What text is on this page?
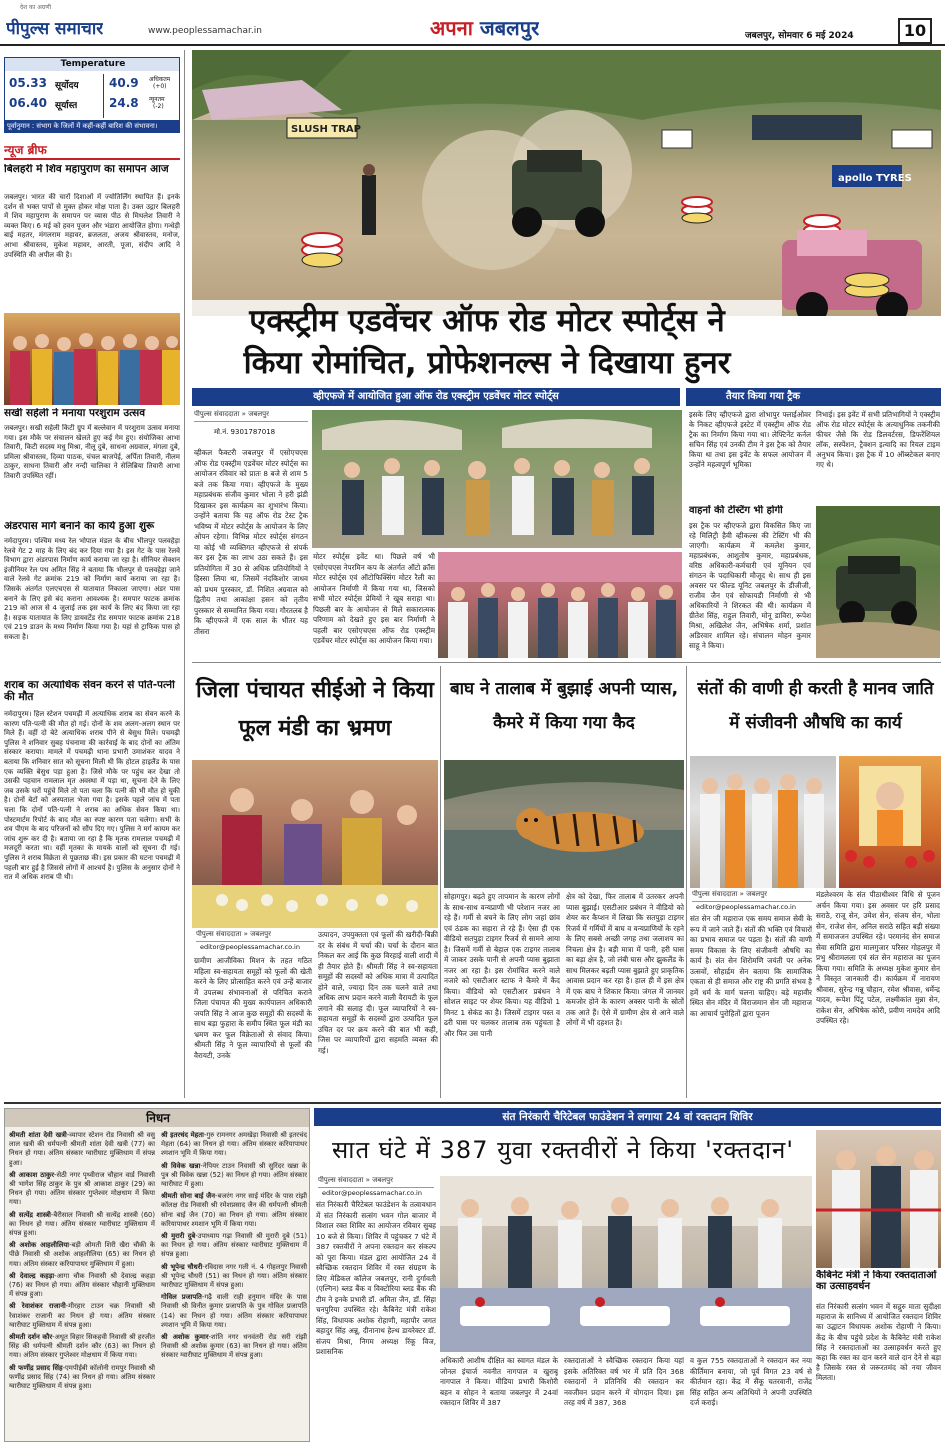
देश का अग्रणी
पीपुल्स समाचार	www.peoplessamachar.in	अपना जबलपुर	जबलपुर, सोमवार 6 मई 2024	10
Temperature
05.33 सूर्योदय
06.40 सूर्यास्त
40.9 अधिकतम
(+0)
24.8 न्यूनतम
(-2)
पूर्वानुमान : संभाग के जिलों में कहीं-कहीं बारिश की संभावना।
न्यूज ब्रीफ
बिलहरी में शिव महापुराण का समापन आज
जबलपुर। भारत की चारों दिशाओं में ज्योतिर्लिंग स्थापित हैं। इनके दर्शन से भक्त पापों से मुक्त होकर मोक्ष पाता है। उक्त उद्गार बिलहरी में शिव महापुराण के समापन पर व्यास पीठ से मिथलेश तिवारी ने व्यक्त किए। 6 मई को हवन पूजन और भंडारा आयोजित होगा। गन्धेड़ी बाई महतर, मंगलराम महावर, ब्रजलता, अजय श्रीवास्तव, मनोज, आभा श्रीवास्तव, मुकेश महावर, आरती, पूजा, संदीप आदि ने उपस्थिति की अपील की है।
सखी सहेली ने मनाया परशुराम उत्सव
जबलपुर। सखी सहेली किटी ग्रुप में बल्लेवान में परशुराम उत्सव मनाया गया। इस मौके पर संचालन खेलते हुए कई गेम हुए। संयोजिका आभा तिवारी, किटी सदस्य मधु मिश्रा, नीलू दुबे, साधना अग्रवाल, मंगला दुबे, प्रमिला श्रीवास्तव, दिव्या पाठक, चंचल बाजपेई, अर्पिता तिवारी, नीलम ठाकुर, साधना तिवारी और नन्दी चालिका ने सेलिब्रिया तिवारी आभा तिवारी उपस्थित रहीं।
अंडरपास मार्ग बनाने का कार्य हुआ शुरू
नर्मदापुरम। पश्चिम मध्य रेल भोपाल मंडल के बीच भीलपुर पलवहेड़ा रेलवे गेट 2 माह के लिए बंद कर दिया गया है। इस गेट के पास रेलवे विभाग द्वारा अंडरपास निर्माण कार्य कराया जा रहा है। सीनियर सेक्शन इंजीनियर रेल पथ अमित सिंह ने बताया कि भीलपुर से पलवहेड़ा जाने वाले रेलवे गेट क्रमांक 219 को निर्माण कार्य कराया जा रहा है। जिसके अंतर्गत एलएचएस से यातायात निकाला जाएगा। अंडर पास बनाने के लिए इसे बंद कराना आवश्यक है। समपार फाटक क्रमांक 219 को आज से 4 जुलाई तक इस कार्य के लिए बंद किया जा रहा है। सड़क यातायात के लिए डायवर्टेड रोड समपार फाटक क्रमांक 218 एवं 219 डाउन के मध्य निर्माण किया गया है। यहां से ट्राफिक पास हो सकता है।
शराब का अत्याधिक सेवन करने से पति-पत्नी की मौत
नर्मदापुरम। हिल स्टेशन पचमढ़ी में अत्याधिक शराब का सेवन करने के कारण पति-पत्नी की मौत हो गई। दोनों के शव अलग-अलग स्थान पर मिले हैं। वहीं दो बेटे अत्याधिक शराब पीने से बेसुध मिले। पचमढ़ी पुलिस ने शनिवार सुबह पंचनामा की कार्रवाई के बाद दोनों का अंतिम संस्कार कराया। मामले में पचमढ़ी थाना प्रभारी उमाशंकर यादव ने बताया कि शनिवार सात को सूचना मिली थी कि होटल हाइलैंड के पास एक व्यक्ति बेसुध पड़ा हुआ है। जिसे मौके पर पहुंच कर देखा तो उसकी पहचान रामलाल मृत अवस्था में पड़ा था, सूचना देने के लिए जब उसके घरों पहुंचे मिले तो पता चला कि पत्नी की भी मौत हो चुकी है। दोनों बेटों को अस्पताल भेजा गया है। इसके पहले जांच में पता चला कि दोनों पति-पत्नी ने शराब का अधिक सेवन किया था। पोस्टमार्टम रिपोर्ट के बाद मौत का स्पष्ट कारण पता चलेगा। सभी के शव पीएम के बाद परिजनों को सौंप दिए गए। पुलिस ने मर्ग कायम कर जांच शुरू कर दी है। बताया जा रहा है कि मृतक रामलाल पचमढ़ी में मजदूरी करता था। वहीं मृतका के मायके वालों को सूचना दी गई। पुलिस ने शराब विक्रेता से पूछताछ की। इस प्रकार की घटना पचमढ़ी में पहली बार हुई है जिससे लोगों में आश्चर्य है। पुलिस के अनुसार दोनों ने रात में अधिक शराब पी थी।
SLUSH TRAP
apollo TYRES
एक्स्ट्रीम एडवेंचर ऑफ रोड मोटर स्पोर्ट्स ने
किया रोमांचित, प्रोफेशनल्स ने दिखाया हुनर
व्हीएफजे में आयोजित हुआ ऑफ रोड एक्स्ट्रीम एडवेंचर मोटर स्पोर्ट्स
पीपुल्स संवाददाता » जबलपुर
मो.नं. 9301787018
व्हीकल फैक्टरी जबलपुर में एसोएचएस ऑफ रोड एक्स्ट्रीम एडवेंचर मोटर स्पोर्ट्स का आयोजन रविवार को प्रातः 8 बजे से शाम 5 बजे तक किया गया। व्हीएफजे के मुख्य महाप्रबंधक संजीव कुमार भोला ने हरी झंडी दिखाकर इस कार्यक्रम का शुभारंभ किया। उन्होंने बताया कि यह ऑफ रोड टेस्ट ट्रैक भविष्य में मोटर स्पोर्ट्स के आयोजन के लिए ओपन रहेगा। विभिन्न मोटर स्पोर्ट्स संगठन या कोई भी व्यक्तिगत व्हीएफजे से संपर्क कर इस ट्रैक का लाभ उठा सकते हैं। इस प्रतियोगिता में 30 से अधिक प्रतियोगियों ने हिस्सा लिया था, जिसमें नंदकिशोर जाधव को प्रथम पुरस्कार, डॉ. निशित अग्रवाल को द्वितीय तथा आकांक्षा हसन को तृतीय पुरस्कार से सम्मानित किया गया। गौरतलब है कि व्हीएफजे में एक साल के भीतर यह तीसरा
मोटर स्पोर्ट्स इवेंट था। पिछले वर्ष भी एसोएचएस नेपरमिन कप के अंतर्गत ऑटो क्रॉस मोटर स्पोर्ट्स एवं ऑटोफिक्सिंग मोटर रैली का आयोजन निर्माणी में किया गया था, जिसको सभी मोटर स्पोर्ट्स प्रेमियों ने खूब सराहा था। पिछली बार के आयोजन से मिले सकारात्मक परिणाम को देखते हुए इस बार निर्माणी ने पहली बार एसोएचएस ऑफ रोड एक्स्ट्रीम एडवेंचर मोटर स्पोर्ट्स का आयोजन किया गया।
तैयार किया गया ट्रैक
इसके लिए व्हीएफजे द्वारा शोभापुर फ्लाईओवर के निकट व्हीएफजे इस्टेट में एक्स्ट्रीम ऑफ रोड ट्रैक का निर्माण किया गया था। लेफ्टिनेंट कर्नल सचिन सिंह एवं उनकी टीम ने इस ट्रैक को तैयार किया था तथा इस इवेंट के सफल आयोजन में उन्होंने महत्वपूर्ण भूमिका
निभाई। इस इवेंट में सभी प्रतिभागियों ने एक्स्ट्रीम ऑफ रोड मोटर स्पोर्ट्स के अत्याधुनिक तकनीकी फीचर जैसे कि रोड डिलवर्टरस, डिफरेंशियल लॉक, सस्पेंशन, ट्रैक्शन इत्यादि का रियल टाइम अनुभव किया। इस ट्रैक में 10 ऑब्स्टेकल बनाए गए थे।
वाहनों की टेस्टिंग भी होगी
इस ट्रैक पर व्हीएफजे द्वारा विकसित किए जा रहे मिलिट्री हैवी व्हीकल्स की टेस्टिंग भी की जाएगी। कार्यक्रम में कमलेश कुमार, महाप्रबंधक, आशुतोष कुमार, महाप्रबंधक, वरिष्ठ अधिकारी-कर्मचारी एवं यूनियन एवं संगठन के पदाधिकारी मौजूद थे। साथ ही इस अवसर पर फील्ड यूनिट जबलपुर के डीजीजी, राजीव जैन एवं सोफायडी निर्माणी से भी अधिकारियों ने शिरकत की थी। कार्यक्रम में ग्रीतेश सिंह, राहुल तिवारी, मोनू डाविरा, रूपेश मिश्रा, अखिलेश जैन, अभिषेक शर्मा, प्रशांत अडिरवार शामिल रहे। संचालन मोहन कुमार साहू ने किया।
जिला पंचायत सीईओ ने किया फूल मंडी का भ्रमण
पीपुल्स संवाददाता » जबलपुर
editor@peoplessamachar.co.in
ग्रामीण आजीविका मिशन के तहत गठित महिला स्व-सहायता समूहों को फूलों की खेती करने के लिए प्रोत्साहित करने एवं उन्हें बाजार में उपलब्ध संभावनाओं से परिचित कराने जिला पंचायत की मुख्य कार्यपालन अधिकारी जयति सिंह ने आज कुछ समूहों की सदस्यों के साथ बड़ा फुहारा के समीप स्थित फूल मंडी का भ्रमण कर फूल विक्रेताओं से संवाद किया। श्रीमती सिंह ने फूल व्यापारियों से फूलों की वैरायटी, उनके
उत्पादन, उपयुक्तता एवं फूलों की खरीदी-बिक्री दर के संबंध में चर्चा की। चर्चा के दौरान बात निकल कर आई कि कुछ विरहाई वाली शादी में ही तैयार होते हैं। श्रीमती सिंह ने स्व-सहायता समूहों की सदस्यों को अधिक मात्रा में उत्पादित होने वाले, ज्यादा दिन तक चलने वाले तथा अधिक लाभ प्रदान करने वाली वैरायटी के फूल लगाने की सलाह दी। फूल व्यापारियों ने स्व-सहायता समूहों के सदस्यों द्वारा उत्पादित फूल उचित दर पर क्रय करने की बात भी कही, जिस पर व्यापारियों द्वारा सहमति व्यक्त की गई।
बाघ ने तालाब में बुझाई अपनी प्यास, कैमरे में किया गया कैद
सोहागपुर। बढ़ते हुए तापमान के कारण लोगों के साथ-साथ वन्यप्राणी भी परेशान नजर आ रहे हैं। गर्मी से बचने के लिए लोग जहां छांव एवं ठंडक का सहारा ले रहे हैं। ऐसा ही एक वीडियो सतपुड़ा टाइगर रिजर्व से सामने आया है। जिसमें गर्मी से बेहाल एक टाइगर तालाब में जाकर उसके पानी से अपनी प्यास बुझाता नजर आ रहा है। इस रोमांचित करने वाले नजारे को एसटीआर स्टाफ ने कैमरे में कैद किया। वीडियो को एसटीआर प्रबंधन ने सोशल साइट पर शेयर किया। यह वीडियो 1 मिनट 1 सेकंड का है। जिसमें टाइगर पस्त व ढरी घास पर चलकर तालाब तक पहुंचता है और फिर उस पानी
क्षेत्र को देखा, फिर तालाब में उतरकर अपनी प्यास बुझाई। एसटीआर प्रबंधन ने वीडियो को शेयर कर कैप्शन में लिखा कि सतपुड़ा टाइगर रिजर्व में गर्मियों में बाघ व वन्यप्राणियों के रहने के लिए सबसे अच्छी जगह तथा जलाशय का निचला क्षेत्र है। बड़ी मात्रा में पानी, हरी घास का बड़ा क्षेत्र है, जो लंबी घास और झुकलैंड के साथ मिलकर बढ़ती प्यास बुझाते हुए प्राकृतिक आवास प्रदान कर रहा है। हाल ही में इस क्षेत्र में एक बाघ ने शिकार किया। जंगल में जानवर कमजोर होने के कारण अक्सर पानी के स्रोतों तक आते हैं। ऐसे में ग्रामीण क्षेत्र से आने वाले लोगों में भी दहशत है।
संतों की वाणी ही करती है मानव जाति में संजीवनी औषधि का कार्य
पीपुल्स संवाददाता » जबलपुर
editor@peoplessamachar.co.in
संत सेन जी महाराज एक समय समाज सेवी के रूप में जाने जाते हैं। संतों की भक्ति एवं विचारों का प्रभाव समाज पर पड़ता है। संतों की वाणी समय विकास के लिए संजीवनी औषधि का कार्य है। संत सेन शिरोमणि जयंती पर अनेक उत्सवों, सौहार्द्रम सेन बताया कि सामाजिक एकता से ही समाज और राष्ट्र की प्रगति संभव है हमें धर्म के मार्ग चलना चाहिए। बड़े महावीर स्थित सेन मंदिर में विराजमान सेन जी महाराज का आचार्य पुरोहितों द्वारा पूजन
मंडलेश्वरम के संत पीठाधीश्वर विधि से पूजन अर्चन किया गया। इस अवसर पर हरि प्रसाद सराठे, राजू सेन, उमेश सेन, संजय सेन, भोला सेन, राजेश सेन, अनिल सराठे सहित बड़ी संख्या में समाजजन उपस्थित रहे। परमानंद सेन समाज सेवा समिति द्वारा मालगुजार परिसर गोहलपुर में प्रभु श्रीरामलला एवं संत सेन महाराज का पूजन किया गया। समिति के अध्यक्ष मुकेश कुमार सेन ने विस्तृत जानकारी दी। कार्यक्रम में नारायण श्रीवास, सुरेन्द्र गन्नू चौहान, रमेश श्रीवास, धर्मेन्द्र यादव, रूपेश पिंटू पटेल, लक्ष्मीकांत मुन्ना सेन, राकेश सेन, अभिषेक कोरी, प्रवीण नामदेव आदि उपस्थित रहे।
निधन
श्रीमती शांता देवी खत्री-व्यापार स्टेशन रोड निवासी श्री वसु लाल खत्री की धर्मपत्नी श्रीमती शांता देवी खत्री (77) का निधन हो गया। अंतिम संस्कार ग्वारीघाट मुक्तिधाम में संपन्न हुआ।
श्री आकाश ठाकुर-सेठी नगर पृथ्वीराज चौहान वार्ड निवासी श्री भागेश सिंह ठाकुर के पुत्र श्री आकाश ठाकुर (29) का निधन हो गया। अंतिम संस्कार गुप्तेश्वर मोक्षधाम में किया गया।
श्री सत्येंद्र शास्त्री-बैरीसाल निवासी श्री सत्येंद्र शास्त्री (60) का निधन हो गया। अंतिम संस्कार ग्वारीघाट मुक्तिधाम में संपन्न हुआ।
श्री अशोक आहलीलिया-बड़ी ओमती शिरी खैरा चौकी के पीछे निवासी श्री अशोक आहलीलिया (65) का निधन हो गया। अंतिम संस्कार करियापाथर मुक्तिधाम में हुआ।
श्री देवाल्द्र कहड़ा-आगा चौक निवासी श्री देवाल्द्र कहड़ा (76) का निधन हो गया। अंतिम संस्कार चौहानी मुक्तिधाम में संपन्न हुआ।
श्री रेवाशंकर राजानी-मीरहार टाउन चक्र निवासी श्री रेवाशंकर राजानी का निधन हो गया। अंतिम संस्कार ग्वारीघाट मुक्तिधाम में संपन्न हुआ।
श्रीमती दर्शन कौर-अधूत विहार सिकहवी निवासी श्री हरजीत सिंह की धर्मपत्नी श्रीमती दर्शन कौर (63) का निधन हो गया। अंतिम संस्कार गुप्तेश्वर मोक्षधाम में किया गया।
श्री फणींद्र प्रसाद सिंह-एमपीईबी कॉलोनी रामपुर निवासी श्री फणींद्र प्रसाद सिंह (74) का निधन हो गया। अंतिम संस्कार ग्वारीघाट मुक्तिधाम में संपन्न हुआ।
श्री इतरचंद मेहता-गुरु रामनगर अमखेड़ा निवासी श्री इतरचंद मेहता (64) का निधन हो गया। अंतिम संस्कार करियापाथर श्मशान भूमि में किया गया।
श्री विवेक खन्ना-नेपियर टाउन निवासी श्री सुरिंदर खन्ना के पुत्र श्री विवेक खन्ना (52) का निधन हो गया। अंतिम संस्कार ग्वारीघाट में हुआ।
श्रीमती सोना बाई जैन-बजरंग नगर साई मंदिर के पास रांझी कॉलक्ष रोड निवासी श्री रमेशप्रसाद जैन की धर्मपत्नी श्रीमती सोना बाई जैन (70) का निधन हो गया। अंतिम संस्कार करियापाथर श्मशान भूमि में किया गया।
श्री मुरारी दुबे-उपाध्याय गढ़ा निवासी श्री मुरारी दुबे (51) का निधन हो गया। अंतिम संस्कार ग्वारीघाट मुक्तिधाम में संपन्न हुआ।
श्री भूपेन्द्र चौधरी-रविदास नगर गली नं. 4 गोहलपुर निवासी श्री भूपेन्द्र चौधरी (51) का निधन हो गया। अंतिम संस्कार ग्वारीघाट मुक्तिधाम में संपन्न हुआ।
गोविल प्रजापति-गढ़ै वाली राही हनुमान मंदिर के पास निवासी श्री विनीत कुमार प्रजापति के पुत्र गोविल प्रजापति (14) का निधन हो गया। अंतिम संस्कार करियापाथर श्मशान भूमि में किया गया।
श्री अशोक कुमार-शांति नगर धनवंतरी रोड सरी रांझी निवासी श्री अशोक कुमार (63) का निधन हो गया। अंतिम संस्कार ग्वारीघाट मुक्तिधाम में संपन्न हुआ।
संत निरंकारी चैरिटेबल फाउंडेशन ने लगाया 24 वां रक्तदान शिविर
सात घंटे में 387 युवा रक्तवीरों ने किया 'रक्तदान'
पीपुल्स संवाददाता » जबलपुर
editor@peoplessamachar.co.in
संत निरंकारी चैरिटेबल फाउंडेशन के तत्वावधान में संत निरंकारी सत्संग भवन गोल बाजार में विशाल रक्त शिविर का आयोजन रविवार सुबह 10 बजे से किया। शिविर में पहुंचकर 7 घंटे में 387 रक्तवीरों ने अपना रक्तदान कर संकल्प को पूरा किया। मंडल द्वारा आयोजित 24 वें स्वैच्छिक रक्तदान शिविर में रक्त संग्रहण के लिए मेडिकल कॉलेज जबलपुर, रानी दुर्गावती (एल्गिन) ब्लड बैंक व विक्टोरिया ब्लड बैंक की टीम ने इनके प्रभारी डॉ. अमिता जैन, डॉ. सिंहा चनपुरिया उपस्थित रहे। कैबिनेट मंत्री राकेश सिंह, विधायक अशोक रोहाणी, महापौर जगत बहादुर सिंह अन्नू, दीनानाथ हेल्थ डायरेक्टर डॉ. संजय मिश्रा, निगम अध्यक्ष रिंकू विज, प्रशासनिक
अधिकारी आशीष दीक्षित का स्वागत मंडल के जोनल इंचार्ज नवनीत नागपाल व खुराबू नागपाल ने किया। मीडिया प्रभारी किशोरी बहन व सोहन ने बताया जबलपुर में 24वां रक्तदान शिविर में 387
रक्तदाताओं ने स्वैच्छिक रक्तदान किया यहां इसके अतिरिक्त वर्ष भर में प्रति दिन 368 रक्तदानों ने प्रतिनिधि की रक्तदान कर नवजीवन प्रदान करने में योगदान दिया। इस तरह वर्ष में 387, 368
व कुल 755 रक्तदाताओं ने रक्तदान कर नया कीर्तिमान बनाया, जो पूर्व विगत 23 वर्ष से कीर्तमान रहा। केंद्र में सैंकू चतरवानी, राजेंद्र सिंह सहित अन्य अतिथियों ने अपनी उपस्थिति दर्ज कराई।
कैबिनेट मंत्री ने किया रक्तदाताओं का उत्साहवर्धन
संत निरंकारी सत्संग भवन में सद्गुरु माता सुदीक्षा महाराज के सानिध्य में आयोजित रक्तदान शिविर का उद्घाटन विधायक अशोक रोहाणी ने किया। केंद्र के बीच पहुंचे प्रदेश के कैबिनेट मंत्री राकेश सिंह ने रक्तदाताओं का उत्साहवर्धन करते हुए कहा कि रक्त का दान करने वाले दान देने से बड़ा है जिसके रक्त से जरूरतमंद को नया जीवन मिलता।
